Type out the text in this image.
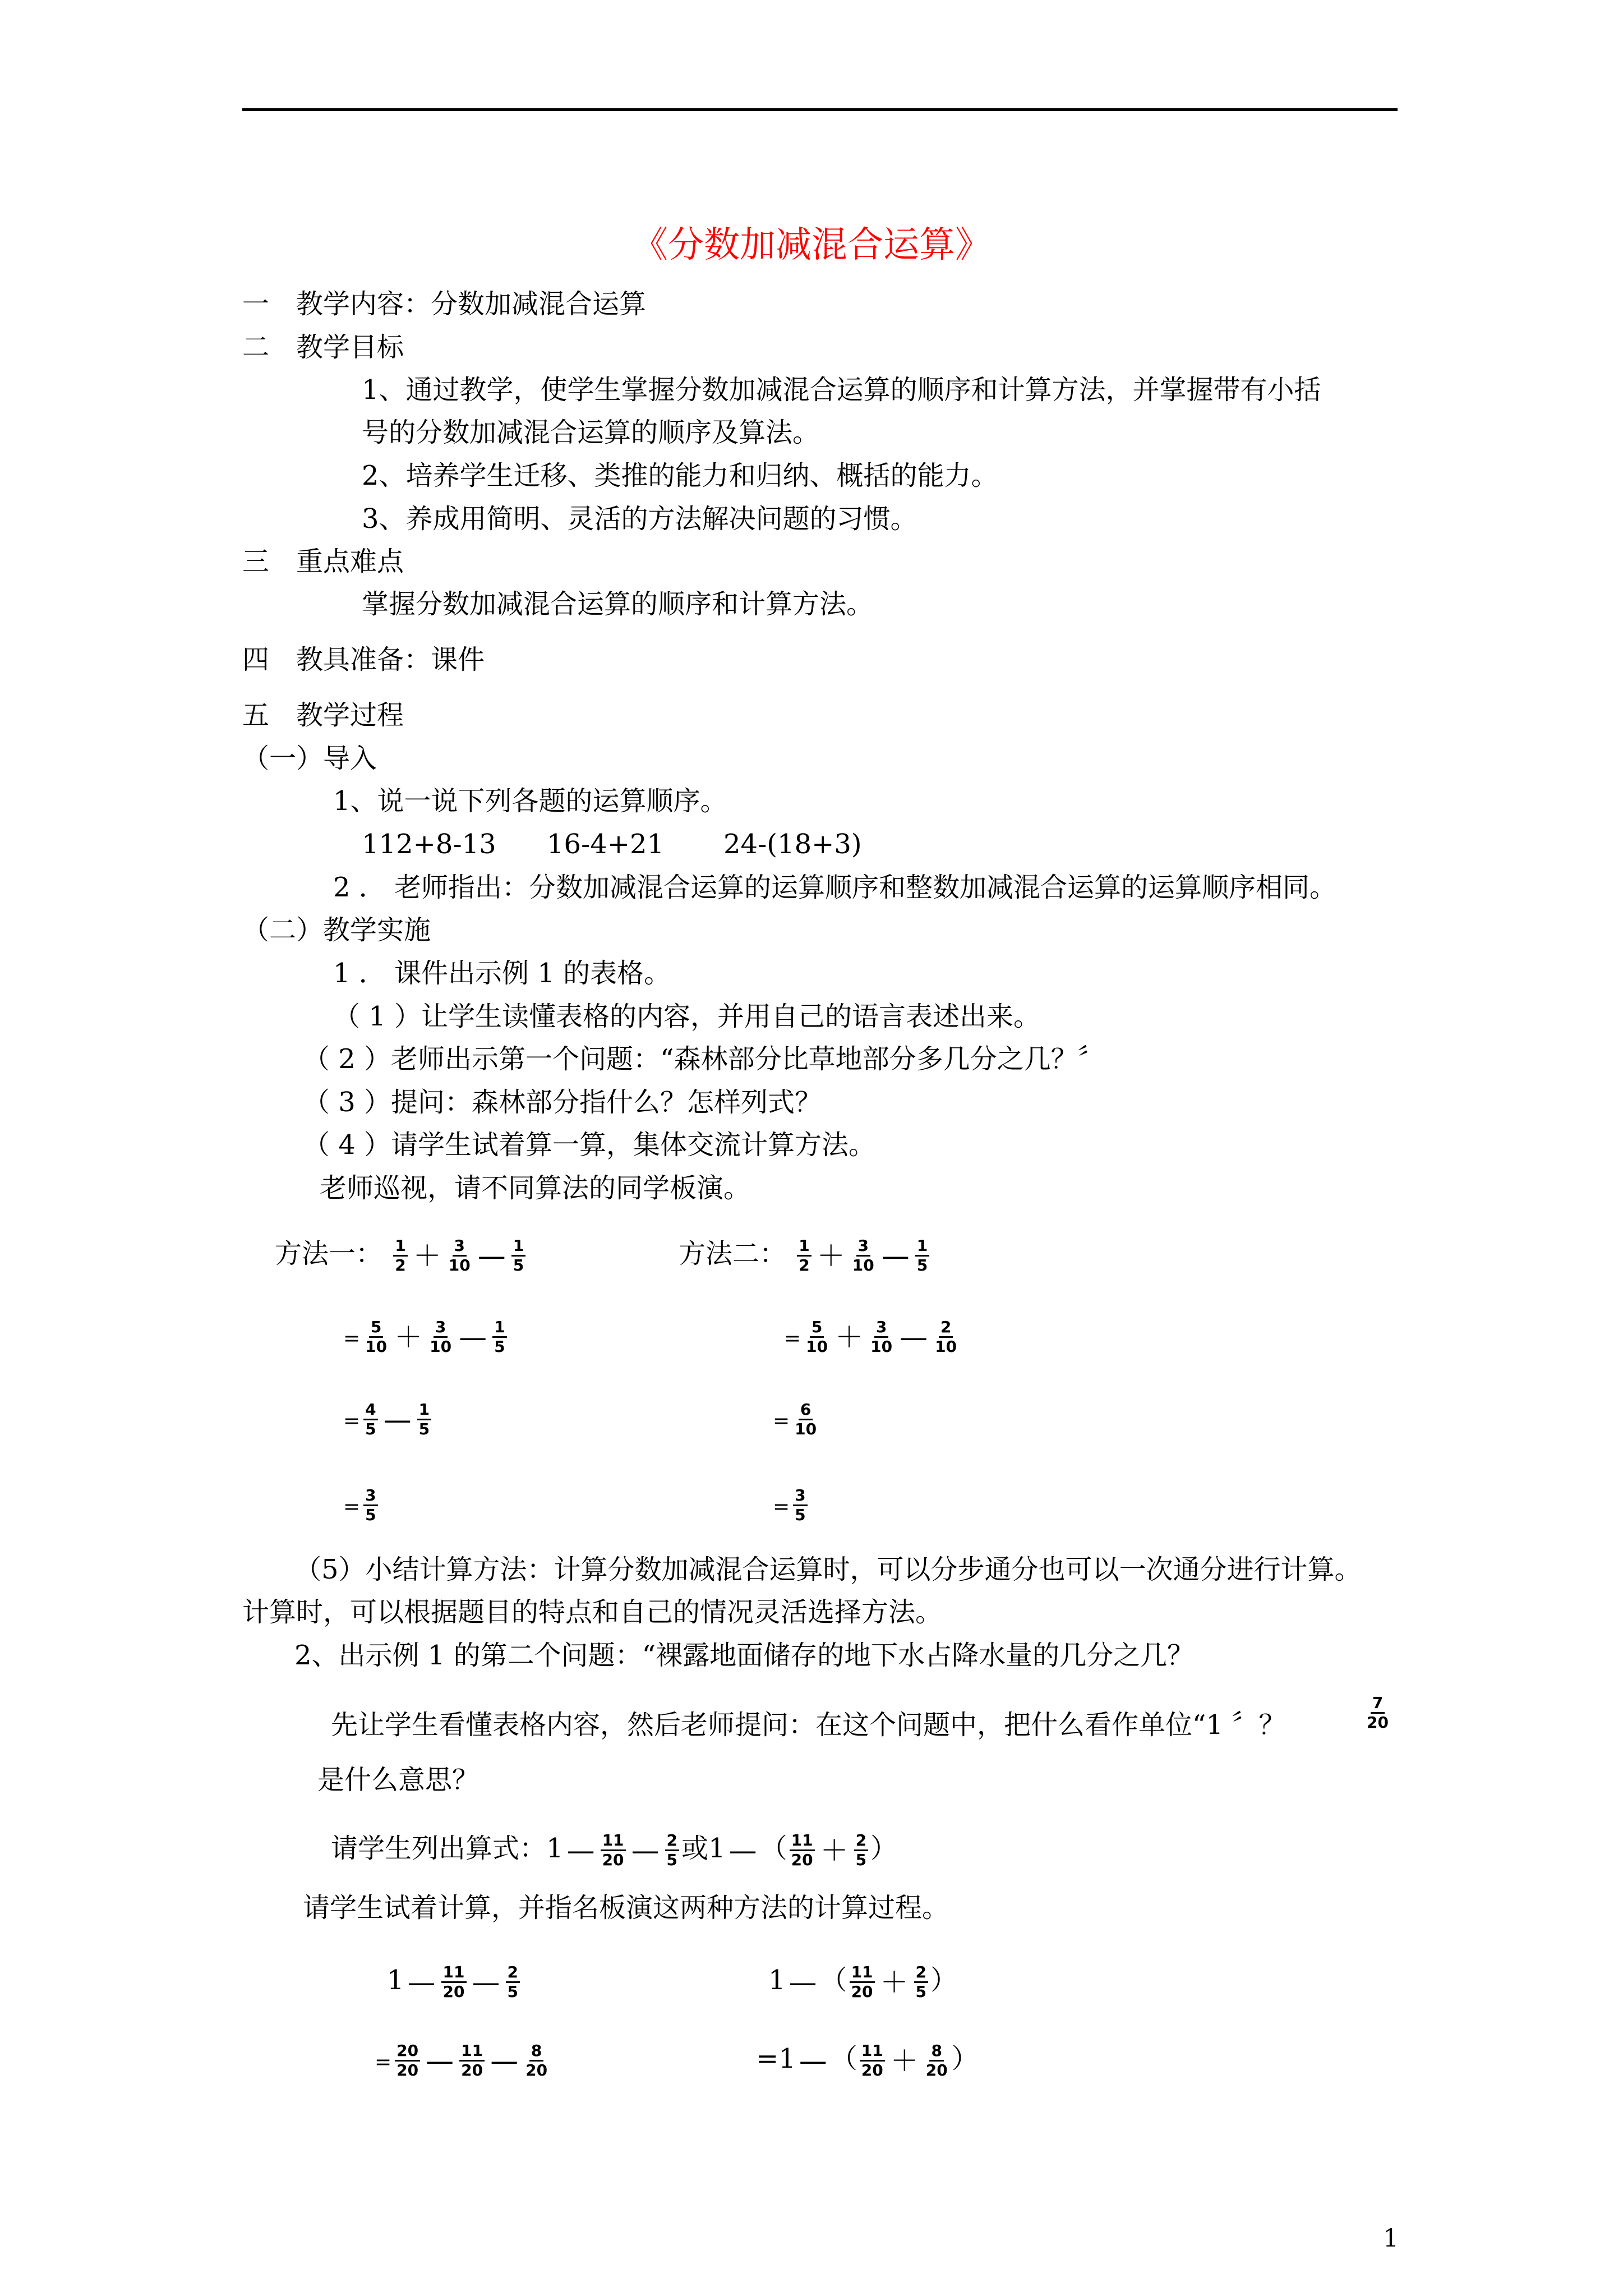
《分数加减混合运算》
一　教学内容：分数加减混合运算
二　教学目标
1、通过教学，使学生掌握分数加减混合运算的顺序和计算方法，并掌握带有小括
号的分数加减混合运算的顺序及算法。
2、培养学生迁移、类推的能力和归纳、概括的能力。
3、养成用简明、灵活的方法解决问题的习惯。
三　重点难点
掌握分数加减混合运算的顺序和计算方法。
四　教具准备：课件
五　教学过程
（一）导入
1、说一说下列各题的运算顺序。
112+8-13 16-4+21 24-(18+3)
2 ． 老师指出：分数加减混合运算的运算顺序和整数加减混合运算的运算顺序相同。
（二）教学实施
1 ． 课件出示例 1 的表格。
（ 1 ）让学生读懂表格的内容，并用自己的语言表述出来。
（ 2 ）老师出示第一个问题：“森林部分比草地部分多几分之几？〞
（ 3 ）提问：森林部分指什么？怎样列式？
（ 4 ）请学生试着算一算，集体交流计算方法。
老师巡视，请不同算法的同学板演。
方法一： $\frac{1}{2} + \frac{3}{10}$ — $\frac{1}{5}$
= $\frac{5}{10} + \frac{3}{10}$ — $\frac{1}{5}$
= $\frac{4}{5}$ — $\frac{1}{5}$
= $\frac{3}{5}$
方法二： $\frac{1}{2} + \frac{3}{10}$ — $\frac{1}{5}$
= $\frac{5}{10} + \frac{3}{10}$ — $\frac{2}{10}$
= $\frac{6}{10}$
= $\frac{3}{5}$
（5）小结计算方法：计算分数加减混合运算时，可以分步通分也可以一次通分进行计算。
计算时，可以根据题目的特点和自己的情况灵活选择方法。
2、出示例 1 的第二个问题：“裸露地面储存的地下水占降水量的几分之几？
先让学生看懂表格内容，然后老师提问：在这个问题中，把什么看作单位“1 〞？	$\frac{7}{20}$
是什么意思？
请学生列出算式：1 — $\frac{11}{20}$ — $\frac{2}{5}$ 或1 — （ $\frac{11}{20} + \frac{2}{5}$ ）
请学生试着计算，并指名板演这两种方法的计算过程。
1 — $\frac{11}{20}$ — $\frac{2}{5}$	1 — （ $\frac{11}{20} + \frac{2}{5}$ ）
= $\frac{20}{20}$ — $\frac{11}{20}$ — $\frac{8}{20}$	=1 — （ $\frac{11}{20} + \frac{8}{20}$ ）
1
